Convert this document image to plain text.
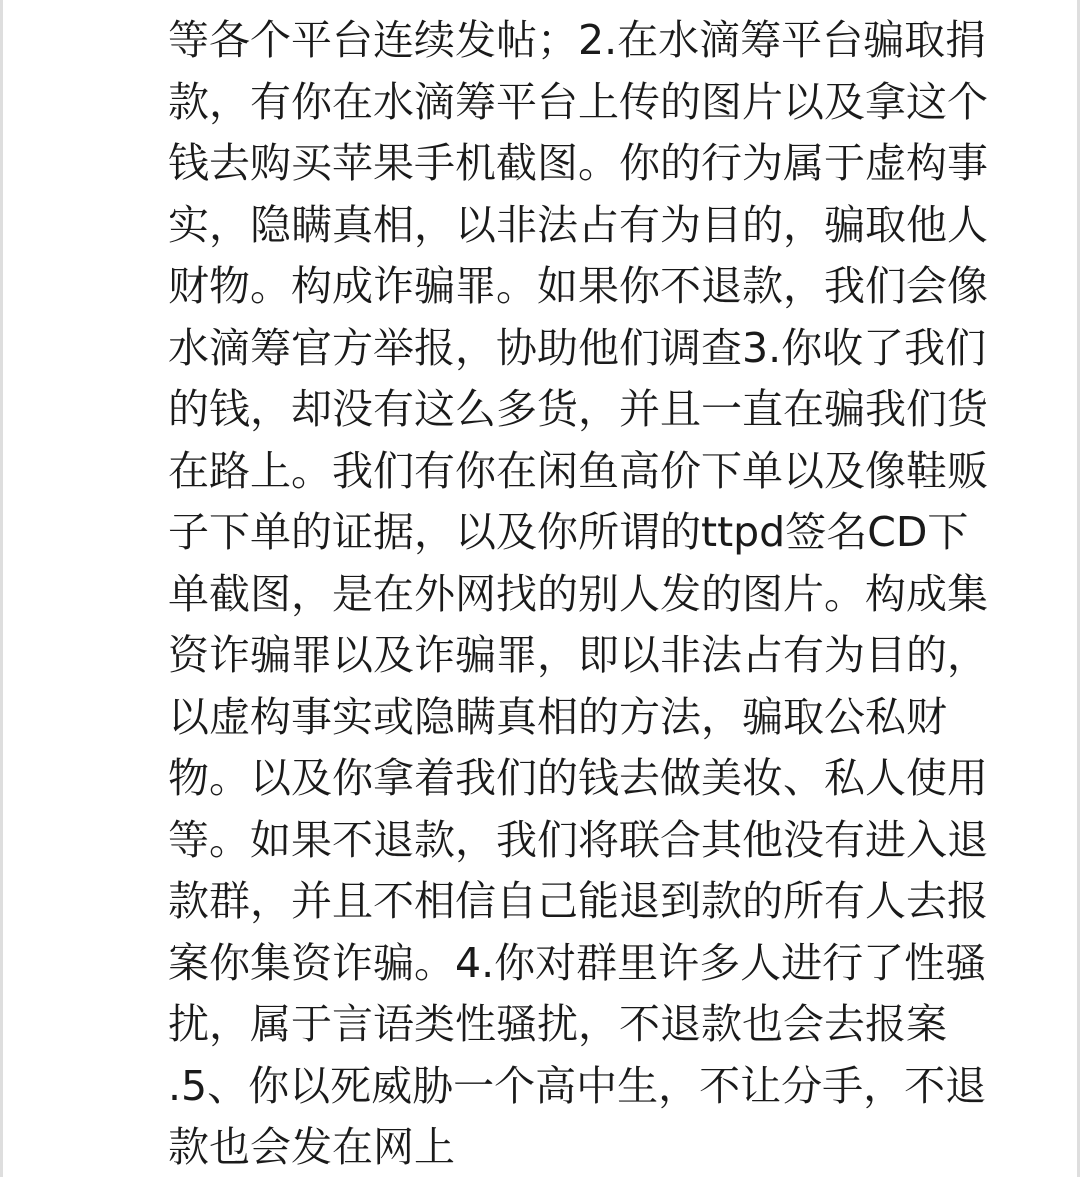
等各个平台连续发帖；2.在水滴筹平台骗取捐
款，有你在水滴筹平台上传的图片以及拿这个
钱去购买苹果手机截图。你的行为属于虚构事
实，隐瞒真相，以非法占有为目的，骗取他人
财物。构成诈骗罪。如果你不退款，我们会像
水滴筹官方举报，协助他们调查3.你收了我们
的钱，却没有这么多货，并且一直在骗我们货
在路上。我们有你在闲鱼高价下单以及像鞋贩
子下单的证据，以及你所谓的ttpd签名CD下
单截图，是在外网找的别人发的图片。构成集
资诈骗罪以及诈骗罪，即以非法占有为目的，
以虚构事实或隐瞒真相的方法，骗取公私财
物。以及你拿着我们的钱去做美妆、私人使用
等。如果不退款，我们将联合其他没有进入退
款群，并且不相信自己能退到款的所有人去报
案你集资诈骗。4.你对群里许多人进行了性骚
扰，属于言语类性骚扰，不退款也会去报案
.5、你以死威胁一个高中生，不让分手，不退
款也会发在网上
